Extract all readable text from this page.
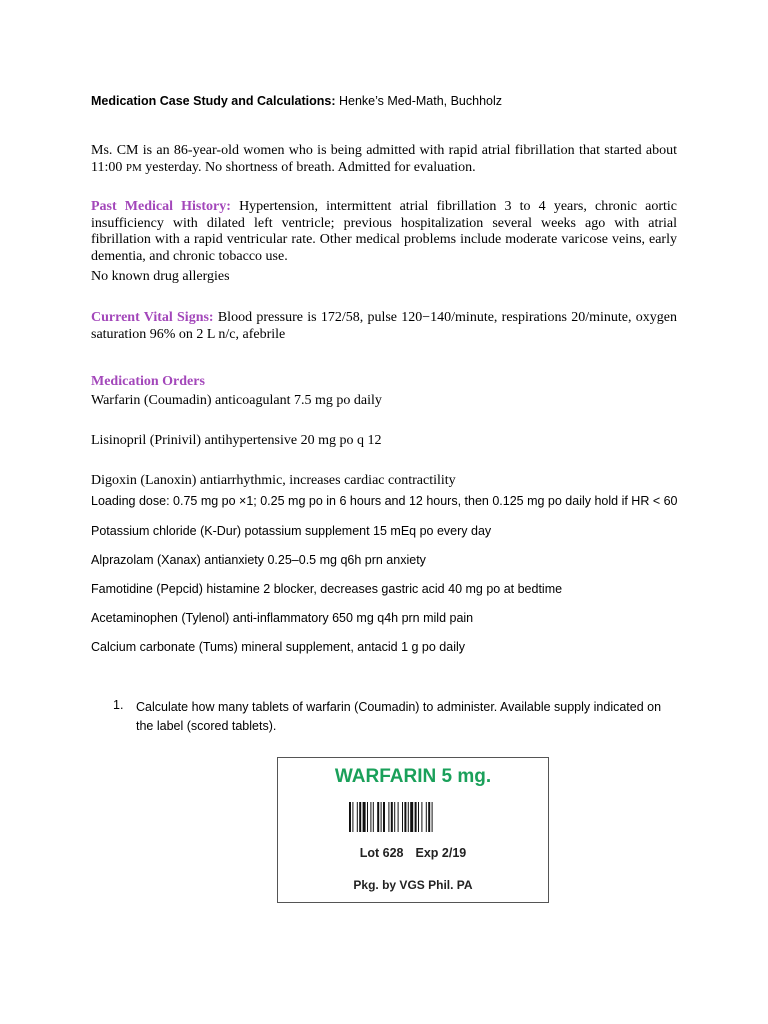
Medication Case Study and Calculations: Henke’s Med-Math, Buchholz
Ms. CM is an 86-year-old women who is being admitted with rapid atrial fibrillation that started about 11:00 PM yesterday. No shortness of breath. Admitted for evaluation.
Past Medical History: Hypertension, intermittent atrial fibrillation 3 to 4 years, chronic aortic insufficiency with dilated left ventricle; previous hospitalization several weeks ago with atrial fibrillation with a rapid ventricular rate. Other medical problems include moderate varicose veins, early dementia, and chronic tobacco use.
No known drug allergies
Current Vital Signs: Blood pressure is 172/58, pulse 120−140/minute, respirations 20/minute, oxygen saturation 96% on 2 L n/c, afebrile
Medication Orders
Warfarin (Coumadin) anticoagulant 7.5 mg po daily
Lisinopril (Prinivil) antihypertensive 20 mg po q 12
Digoxin (Lanoxin) antiarrhythmic, increases cardiac contractility
Loading dose: 0.75 mg po ×1; 0.25 mg po in 6 hours and 12 hours, then 0.125 mg po daily hold if HR < 60
Potassium chloride (K-Dur) potassium supplement 15 mEq po every day
Alprazolam (Xanax) antianxiety 0.25–0.5 mg q6h prn anxiety
Famotidine (Pepcid) histamine 2 blocker, decreases gastric acid 40 mg po at bedtime
Acetaminophen (Tylenol) anti-inflammatory 650 mg q4h prn mild pain
Calcium carbonate (Tums) mineral supplement, antacid 1 g po daily
1. Calculate how many tablets of warfarin (Coumadin) to administer. Available supply indicated on the label (scored tablets).
WARFARIN 5 mg.
Lot 628 Exp 2/19
Pkg. by VGS Phil. PA
